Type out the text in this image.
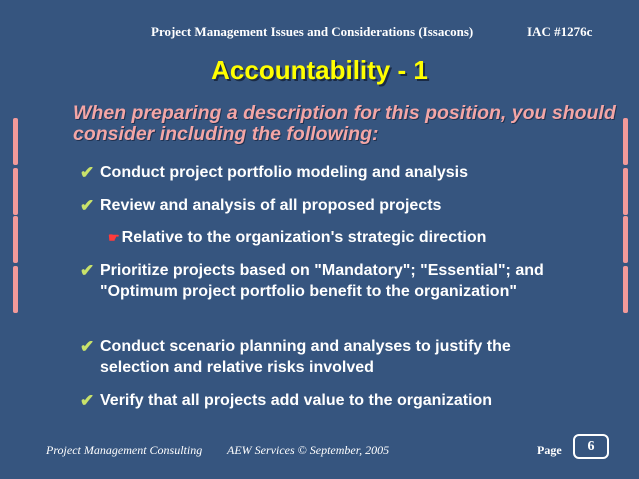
Project Management Issues and Considerations (Issacons)	IAC #1276c
Accountability - 1
When preparing a description for this position, you should consider including the following:
✔ Conduct project portfolio modeling and analysis
✔ Review and analysis of all proposed projects
☛ Relative to the organization's strategic direction
✔ Prioritize projects based on "Mandatory"; "Essential"; and "Optimum project portfolio benefit to the organization"
✔ Conduct scenario planning and analyses to justify the selection and relative risks involved
✔ Verify that all projects add value to the organization
Project Management Consulting AEW Services © September, 2005	Page	6
